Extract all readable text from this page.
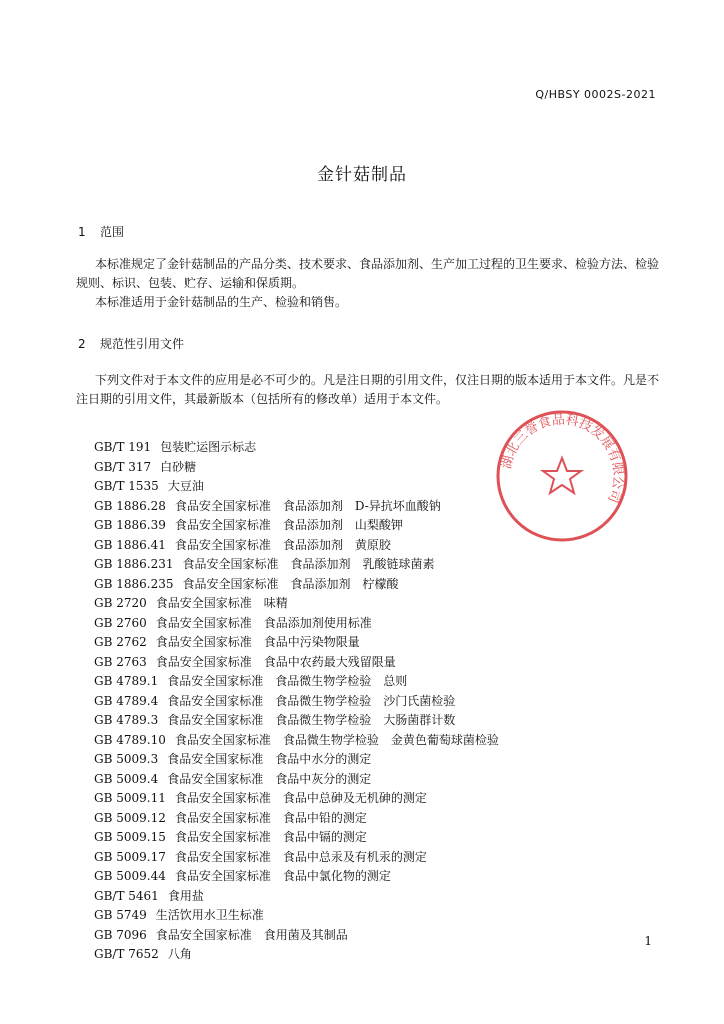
Q/HBSY 0002S-2021
金针菇制品
1 范围

本标准规定了金针菇制品的产品分类、技术要求、食品添加剂、生产加工过程的卫生要求、检验方法、检验规则、标识、包装、贮存、运输和保质期。

本标准适用于金针菇制品的生产、检验和销售。

2 规范性引用文件

下列文件对于本文件的应用是必不可少的。凡是注日期的引用文件，仅注日期的版本适用于本文件。凡是不注日期的引用文件，其最新版本（包括所有的修改单）适用于本文件。

GB/T 191 包装贮运图示标志
GB/T 317 白砂糖
GB/T 1535 大豆油
GB 1886.28 食品安全国家标准　食品添加剂　D-异抗坏血酸钠
GB 1886.39 食品安全国家标准　食品添加剂　山梨酸钾
GB 1886.41 食品安全国家标准　食品添加剂　黄原胶
GB 1886.231 食品安全国家标准　食品添加剂　乳酸链球菌素
GB 1886.235 食品安全国家标准　食品添加剂　柠檬酸
GB 2720 食品安全国家标准　味精
GB 2760 食品安全国家标准　食品添加剂使用标准
GB 2762 食品安全国家标准　食品中污染物限量
GB 2763 食品安全国家标准　食品中农药最大残留限量
GB 4789.1 食品安全国家标准　食品微生物学检验　总则
GB 4789.4 食品安全国家标准　食品微生物学检验　沙门氏菌检验
GB 4789.3 食品安全国家标准　食品微生物学检验　大肠菌群计数
GB 4789.10 食品安全国家标准　食品微生物学检验　金黄色葡萄球菌检验
GB 5009.3 食品安全国家标准　食品中水分的测定
GB 5009.4 食品安全国家标准　食品中灰分的测定
GB 5009.11 食品安全国家标准　食品中总砷及无机砷的测定
GB 5009.12 食品安全国家标准　食品中铅的测定
GB 5009.15 食品安全国家标准　食品中镉的测定
GB 5009.17 食品安全国家标准　食品中总汞及有机汞的测定
GB 5009.44 食品安全国家标准　食品中氯化物的测定
GB/T 5461 食用盐
GB 5749 生活饮用水卫生标准
GB 7096 食品安全国家标准　食用菌及其制品
GB/T 7652 八角
湖北三誉食品科技发展有限公司
1
